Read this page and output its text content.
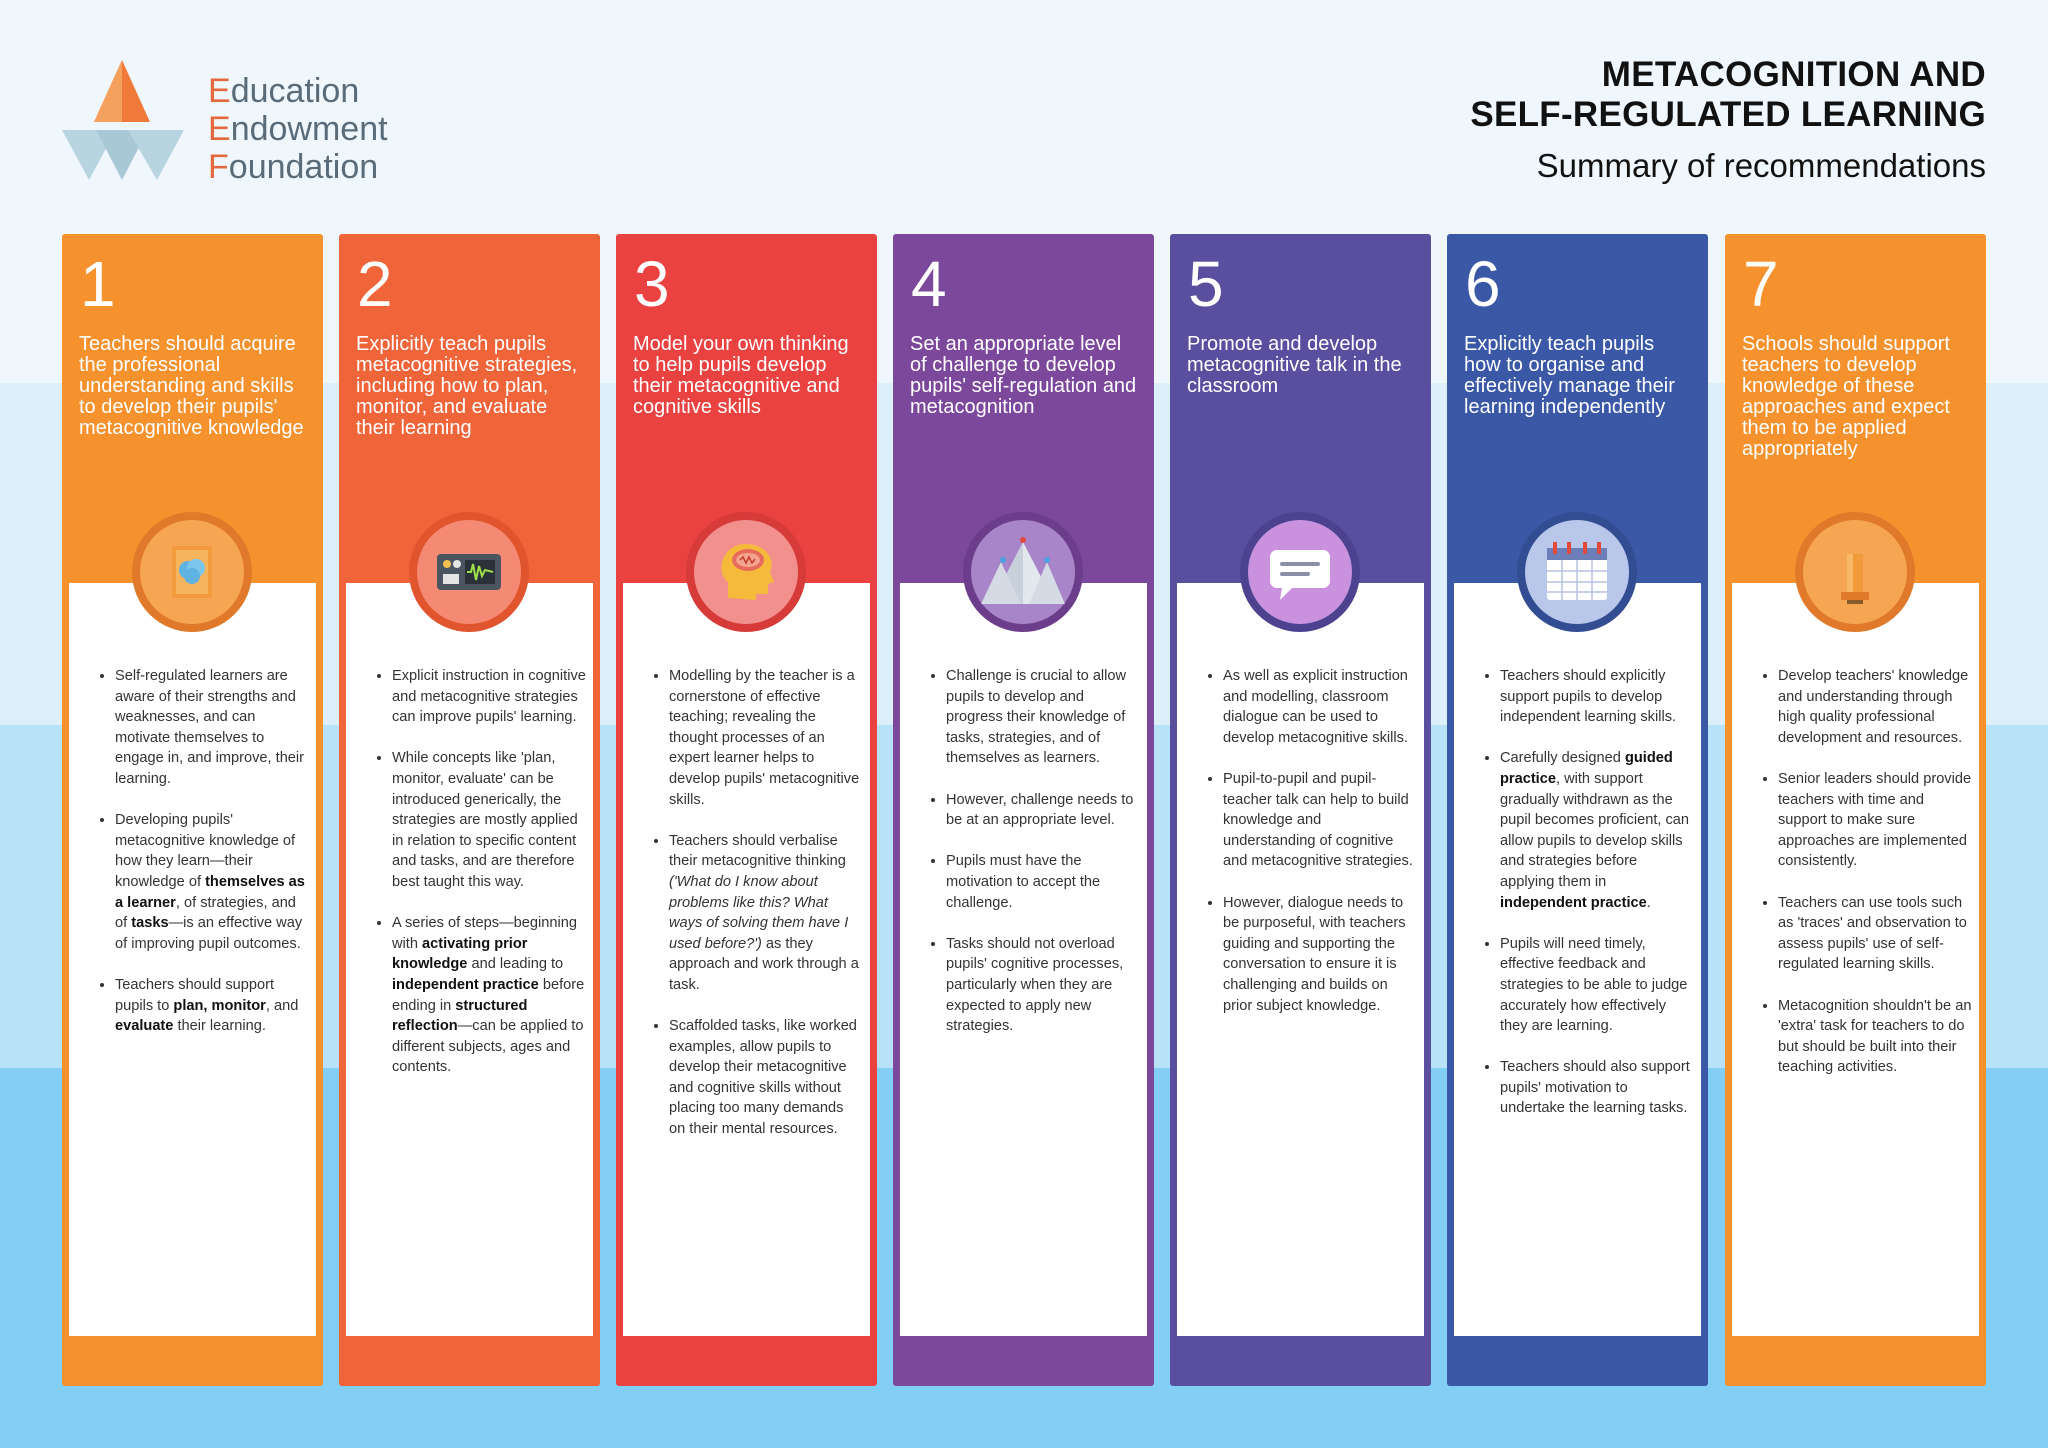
Education
Endowment
Foundation
METACOGNITION AND
SELF-REGULATED LEARNING
Summary of recommendations
1
Teachers should acquire the professional understanding and skills to develop their pupils' metacognitive knowledge
• Self-regulated learners are aware of their strengths and weaknesses, and can motivate themselves to engage in, and improve, their learning.
• Developing pupils' metacognitive knowledge of how they learn—their knowledge of themselves as a learner, of strategies, and of tasks—is an effective way of improving pupil outcomes.
• Teachers should support pupils to plan, monitor, and evaluate their learning.
2
Explicitly teach pupils metacognitive strategies, including how to plan, monitor, and evaluate their learning
• Explicit instruction in cognitive and metacognitive strategies can improve pupils' learning.
• While concepts like 'plan, monitor, evaluate' can be introduced generically, the strategies are mostly applied in relation to specific content and tasks, and are therefore best taught this way.
• A series of steps—beginning with activating prior knowledge and leading to independent practice before ending in structured reflection—can be applied to different subjects, ages and contents.
3
Model your own thinking to help pupils develop their metacognitive and cognitive skills
• Modelling by the teacher is a cornerstone of effective teaching; revealing the thought processes of an expert learner helps to develop pupils' metacognitive skills.
• Teachers should verbalise their metacognitive thinking ('What do I know about problems like this? What ways of solving them have I used before?') as they approach and work through a task.
• Scaffolded tasks, like worked examples, allow pupils to develop their metacognitive and cognitive skills without placing too many demands on their mental resources.
4
Set an appropriate level of challenge to develop pupils' self-regulation and metacognition
• Challenge is crucial to allow pupils to develop and progress their knowledge of tasks, strategies, and of themselves as learners.
• However, challenge needs to be at an appropriate level.
• Pupils must have the motivation to accept the challenge.
• Tasks should not overload pupils' cognitive processes, particularly when they are expected to apply new strategies.
5
Promote and develop metacognitive talk in the classroom
• As well as explicit instruction and modelling, classroom dialogue can be used to develop metacognitive skills.
• Pupil-to-pupil and pupil-teacher talk can help to build knowledge and understanding of cognitive and metacognitive strategies.
• However, dialogue needs to be purposeful, with teachers guiding and supporting the conversation to ensure it is challenging and builds on prior subject knowledge.
6
Explicitly teach pupils how to organise and effectively manage their learning independently
• Teachers should explicitly support pupils to develop independent learning skills.
• Carefully designed guided practice, with support gradually withdrawn as the pupil becomes proficient, can allow pupils to develop skills and strategies before applying them in independent practice.
• Pupils will need timely, effective feedback and strategies to be able to judge accurately how effectively they are learning.
• Teachers should also support pupils' motivation to undertake the learning tasks.
7
Schools should support teachers to develop knowledge of these approaches and expect them to be applied appropriately
• Develop teachers' knowledge and understanding through high quality professional development and resources.
• Senior leaders should provide teachers with time and support to make sure approaches are implemented consistently.
• Teachers can use tools such as 'traces' and observation to assess pupils' use of self-regulated learning skills.
• Metacognition shouldn't be an 'extra' task for teachers to do but should be built into their teaching activities.
